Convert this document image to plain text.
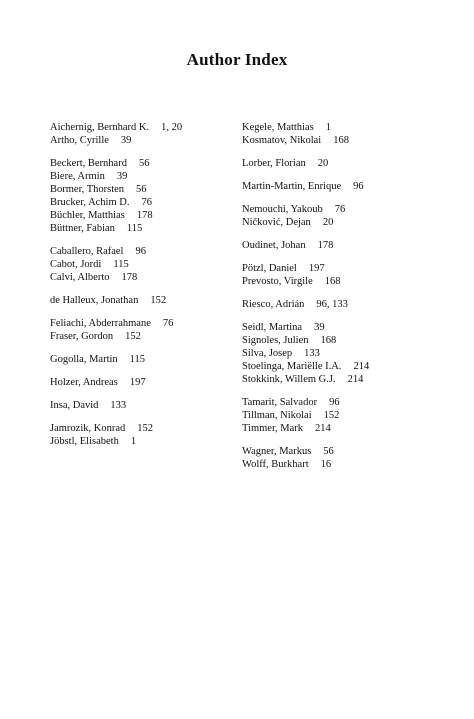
Author Index
Aichernig, Bernhard K. 1, 20
Artho, Cyrille 39
Beckert, Bernhard 56
Biere, Armin 39
Bormer, Thorsten 56
Brucker, Achim D. 76
Büchler, Matthias 178
Büttner, Fabian 115
Caballero, Rafael 96
Cabot, Jordi 115
Calvi, Alberto 178
de Halleux, Jonathan 152
Feliachi, Abderrahmane 76
Fraser, Gordon 152
Gogolla, Martin 115
Holzer, Andreas 197
Insa, David 133
Jamrozik, Konrad 152
Jöbstl, Elisabeth 1
Kegele, Matthias 1
Kosmatov, Nikolai 168
Lorber, Florian 20
Martin-Martin, Enrique 96
Nemouchi, Yakoub 76
Ničković, Dejan 20
Oudinet, Johan 178
Pötzl, Daniel 197
Prevosto, Virgile 168
Riesco, Adrián 96, 133
Seidl, Martina 39
Signoles, Julien 168
Silva, Josep 133
Stoelinga, Mariëlle I.A. 214
Stokkink, Willem G.J. 214
Tamarit, Salvador 96
Tillman, Nikolai 152
Timmer, Mark 214
Wagner, Markus 56
Wolff, Burkhart 16
